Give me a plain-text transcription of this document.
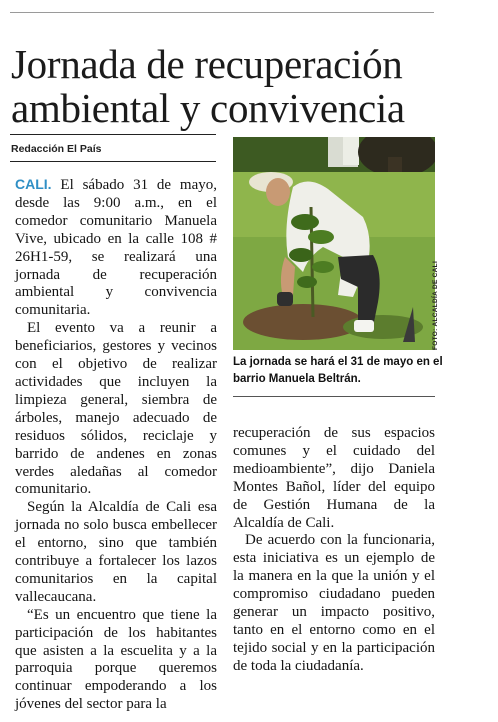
Jornada de recuperación ambiental y convivencia

Redacción El País

CALI. El sábado 31 de mayo, desde las 9:00 a.m., en el comedor comunitario Manuela Vive, ubicado en la calle 108 # 26H1-59, se realizará una jornada de recuperación ambiental y convivencia comunitaria.

El evento va a reunir a beneficiarios, gestores y vecinos con el objetivo de realizar actividades que incluyen la limpieza general, siembra de árboles, manejo adecuado de residuos sólidos, reciclaje y barrido de andenes en zonas verdes aledañas al comedor comunitario.

Según la Alcaldía de Cali esa jornada no solo busca embellecer el entorno, sino que también contribuye a fortalecer los lazos comunitarios en la capital vallecaucana.

“Es un encuentro que tiene la participación de los habitantes que asisten a la escuelita y a la parroquia porque queremos continuar empoderando a los jóvenes del sector para la

FOTO: ALCALDÍA DE CALI

La jornada se hará el 31 de mayo en el barrio Manuela Beltrán.

recuperación de sus espacios comunes y el cuidado del medioambiente”, dijo Daniela Montes Bañol, líder del equipo de Gestión Humana de la Alcaldía de Cali.

De acuerdo con la funcionaria, esta iniciativa es un ejemplo de la manera en la que la unión y el compromiso ciudadano pueden generar un impacto positivo, tanto en el entorno como en el tejido social y en la participación de toda la ciudadanía.
